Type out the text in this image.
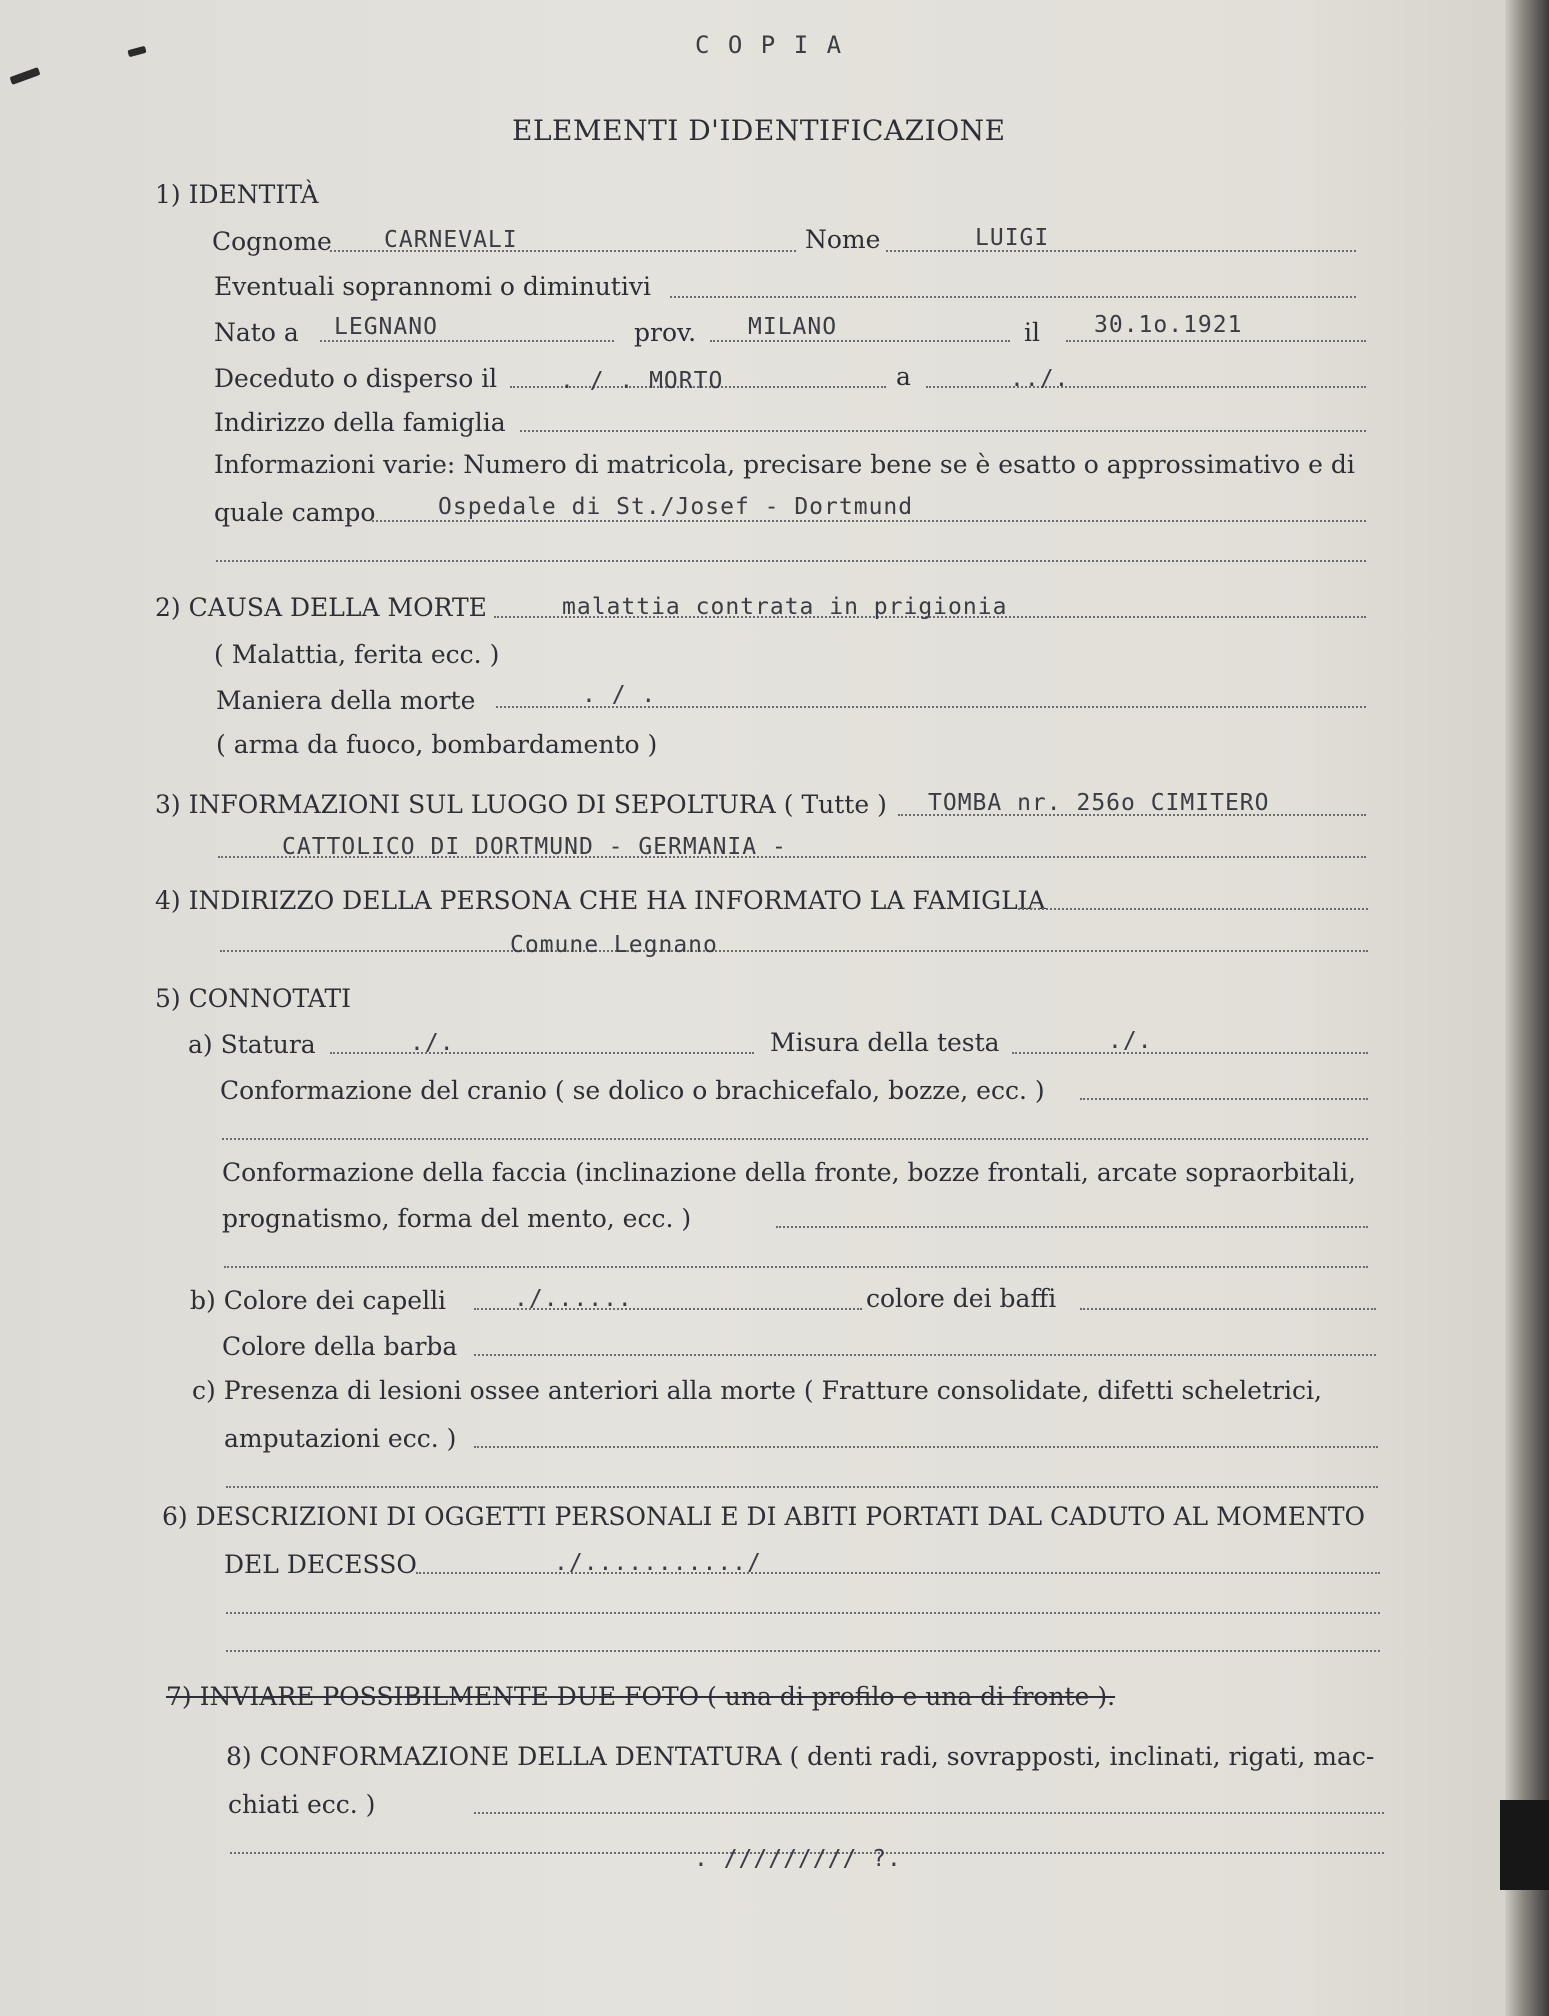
C O P I A
ELEMENTI D'IDENTIFICAZIONE
1) IDENTITÀ
Cognome CARNEVALI	Nome	LUIGI
Eventuali soprannomi o diminutivi
Nato a LEGNANO	prov. MILANO	il 30.1o.1921
Deceduto o disperso il	. / . MORTO	a	../.
Indirizzo della famiglia
Informazioni varie: Numero di matricola, precisare bene se è esatto o approssimativo e di
quale campo	Ospedale di St./Josef - Dortmund
2) CAUSA DELLA MORTE	malattia contrata in prigionia
( Malattia, ferita ecc. )
Maniera della morte	. / .
( arma da fuoco, bombardamento )
3) INFORMAZIONI SUL LUOGO DI SEPOLTURA ( Tutte ) TOMBA nr. 256o CIMITERO
CATTOLICO DI DORTMUND - GERMANIA -
4) INDIRIZZO DELLA PERSONA CHE HA INFORMATO LA FAMIGLIA
Comune Legnano
5) CONNOTATI
a) Statura	./.	Misura della testa	./.
Conformazione del cranio ( se dolico o brachicefalo, bozze, ecc. )
Conformazione della faccia (inclinazione della fronte, bozze frontali, arcate sopraorbitali,
prognatismo, forma del mento, ecc. )
b) Colore dei capelli	./......	colore dei baffi
Colore della barba
c) Presenza di lesioni ossee anteriori alla morte ( Fratture consolidate, difetti scheletrici,
amputazioni ecc. )
6) DESCRIZIONI DI OGGETTI PERSONALI E DI ABITI PORTATI DAL CADUTO AL MOMENTO
DEL DECESSO	./.........../
7) INVIARE POSSIBILMENTE DUE FOTO ( una di profilo e una di fronte ).
8) CONFORMAZIONE DELLA DENTATURA ( denti radi, sovrapposti, inclinati, rigati, mac-
chiati ecc. )
. ///////// ?.
